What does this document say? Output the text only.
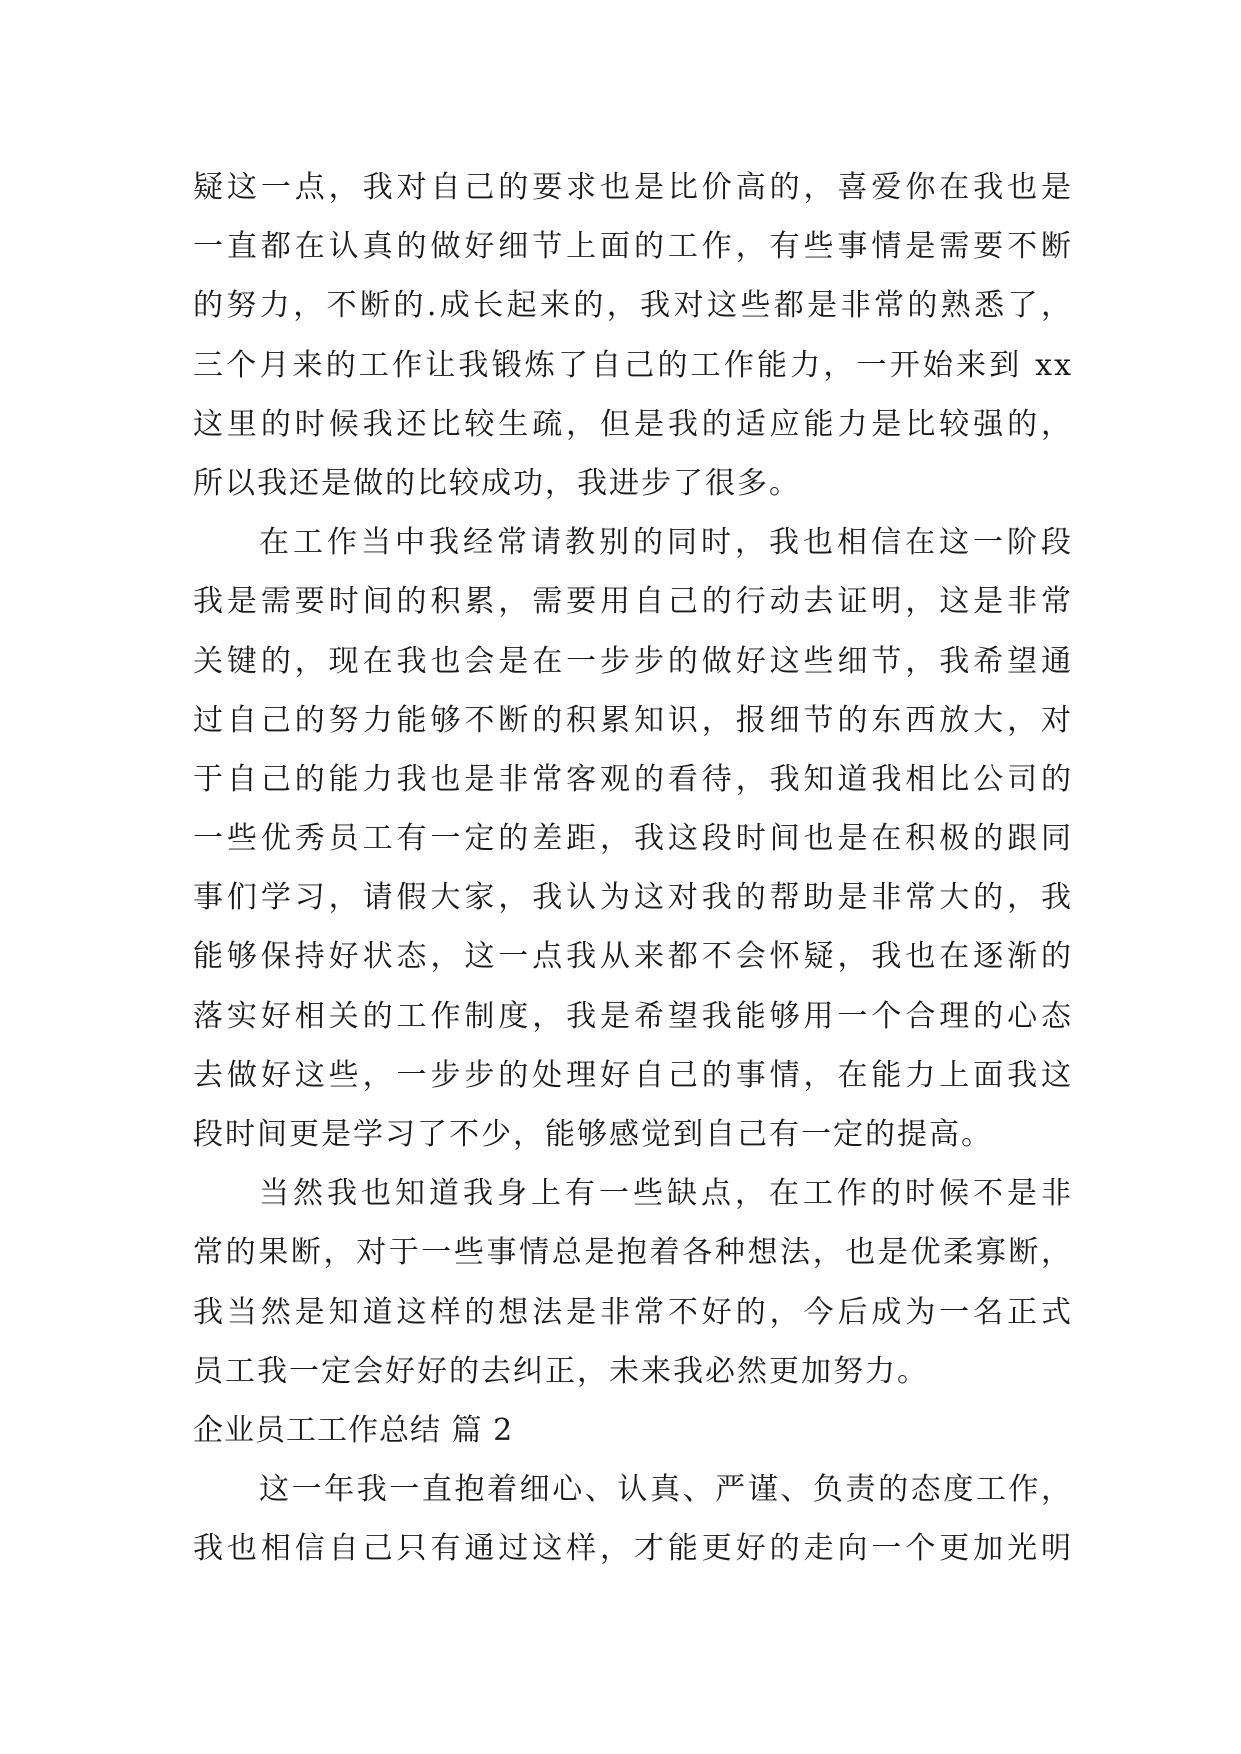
疑这一点，我对自己的要求也是比价高的，喜爱你在我也是
一直都在认真的做好细节上面的工作，有些事情是需要不断
的努力，不断的.成长起来的，我对这些都是非常的熟悉了，
三个月来的工作让我锻炼了自己的工作能力，一开始来到 xx
这里的时候我还比较生疏，但是我的适应能力是比较强的，
所以我还是做的比较成功，我进步了很多。
在工作当中我经常请教别的同时，我也相信在这一阶段
我是需要时间的积累，需要用自己的行动去证明，这是非常
关键的，现在我也会是在一步步的做好这些细节，我希望通
过自己的努力能够不断的积累知识，报细节的东西放大，对
于自己的能力我也是非常客观的看待，我知道我相比公司的
一些优秀员工有一定的差距，我这段时间也是在积极的跟同
事们学习，请假大家，我认为这对我的帮助是非常大的，我
能够保持好状态，这一点我从来都不会怀疑，我也在逐渐的
落实好相关的工作制度，我是希望我能够用一个合理的心态
去做好这些，一步步的处理好自己的事情，在能力上面我这
段时间更是学习了不少，能够感觉到自己有一定的提高。
当然我也知道我身上有一些缺点，在工作的时候不是非
常的果断，对于一些事情总是抱着各种想法，也是优柔寡断，
我当然是知道这样的想法是非常不好的，今后成为一名正式
员工我一定会好好的去纠正，未来我必然更加努力。
企业员工工作总结 篇 2
这一年我一直抱着细心、认真、严谨、负责的态度工作，
我也相信自己只有通过这样，才能更好的走向一个更加光明
